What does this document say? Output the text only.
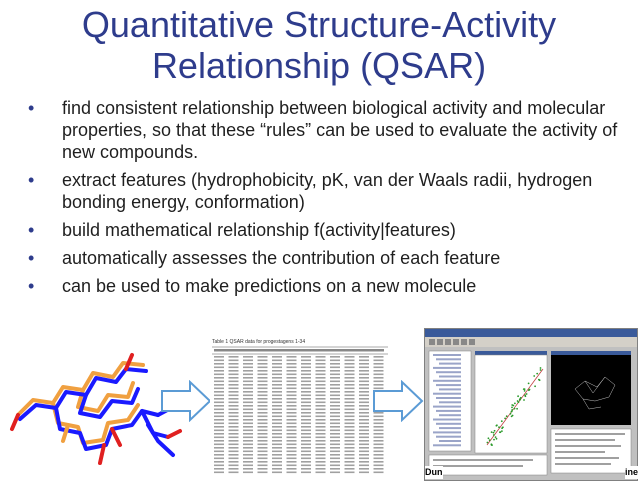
Quantitative Structure-Activity
Relationship (QSAR)
• find consistent relationship between biological activity and molecular properties, so that these “rules” can be used to evaluate the activity of new compounds.
• extract features (hydrophobicity, pK, van der Waals radii, hydrogen bonding energy, conformation)
• build mathematical relationship f(activity|features)
• automatically assesses the contribution of each feature
• can be used to make predictions on a new molecule
Table 1 QSAR data for progestagens 1-34
Dun	ine
